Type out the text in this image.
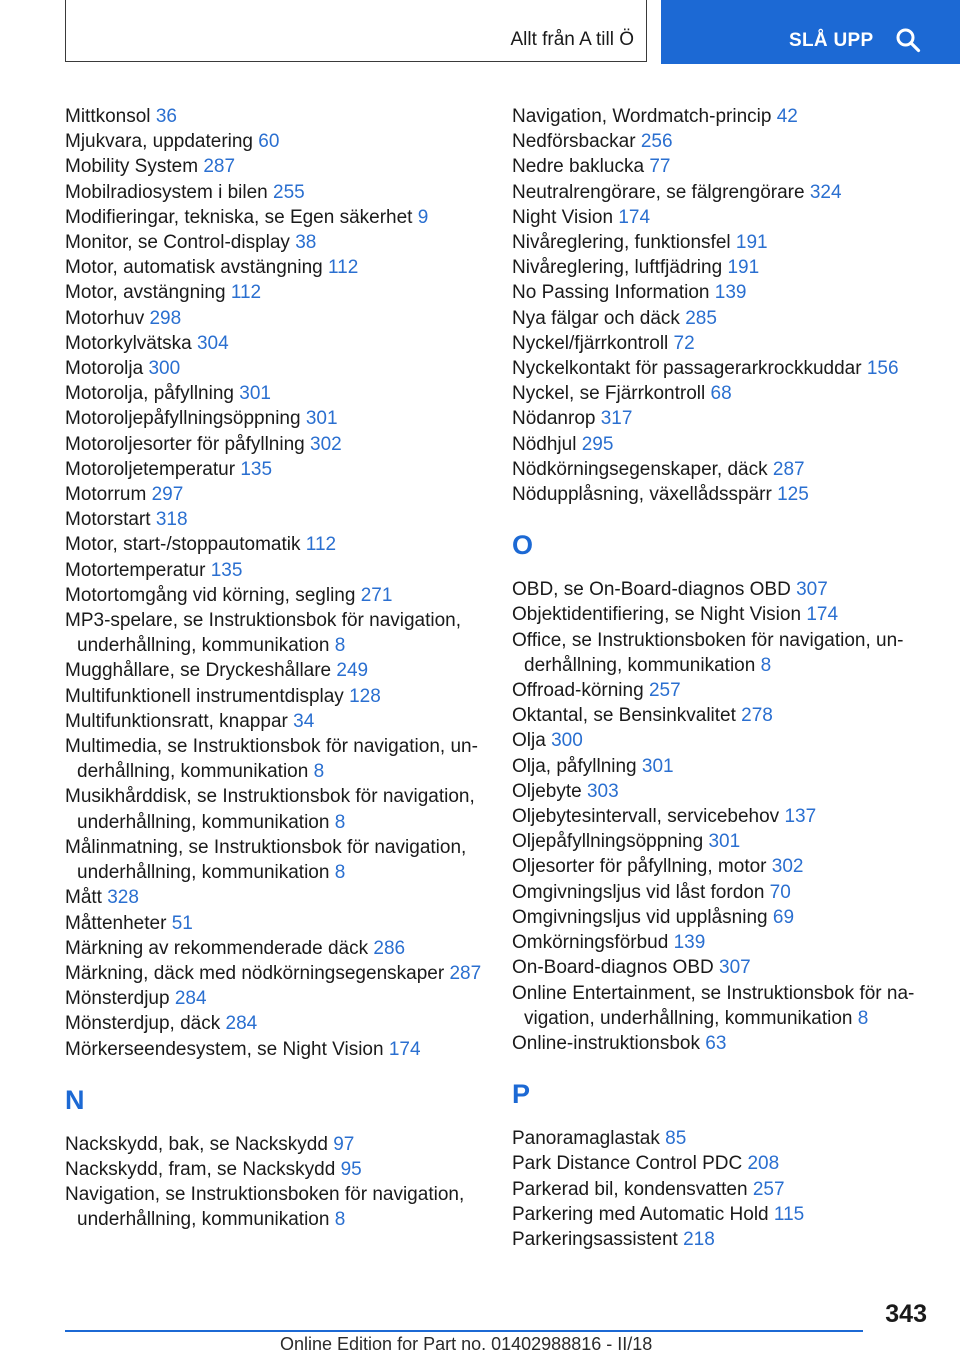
Allt från A till Ö	SLÅ UPP
Mittkonsol 36
Mjukvara, uppdatering 60
Mobility System 287
Mobilradiosystem i bilen 255
Modifieringar, tekniska, se Egen säkerhet 9
Monitor, se Control-display 38
Motor, automatisk avstängning 112
Motor, avstängning 112
Motorhuv 298
Motorkylvätska 304
Motorolja 300
Motorolja, påfyllning 301
Motoroljepåfyllningsöppning 301
Motoroljesorter för påfyllning 302
Motoroljetemperatur 135
Motorrum 297
Motorstart 318
Motor, start-/stoppautomatik 112
Motortemperatur 135
Motortomgång vid körning, segling 271
MP3-spelare, se Instruktionsbok för navigation, underhållning, kommunikation 8
Mugghållare, se Dryckeshållare 249
Multifunktionell instrumentdisplay 128
Multifunktionsratt, knappar 34
Multimedia, se Instruktionsbok för navigation, underhållning, kommunikation 8
Musikhårddisk, se Instruktionsbok för navigation, underhållning, kommunikation 8
Målinmatning, se Instruktionsbok för navigation, underhållning, kommunikation 8
Mått 328
Måttenheter 51
Märkning av rekommenderade däck 286
Märkning, däck med nödkörningsegenskaper 287
Mönsterdjup 284
Mönsterdjup, däck 284
Mörkerseendesystem, se Night Vision 174
N
Nackskydd, bak, se Nackskydd 97
Nackskydd, fram, se Nackskydd 95
Navigation, se Instruktionsboken för navigation, underhållning, kommunikation 8
Navigation, Wordmatch-princip 42
Nedförsbackar 256
Nedre baklucka 77
Neutralrengörare, se fälgrengörare 324
Night Vision 174
Nivåreglering, funktionsfel 191
Nivåreglering, luftfjädring 191
No Passing Information 139
Nya fälgar och däck 285
Nyckel/fjärrkontroll 72
Nyckelkontakt för passagerarkrockkuddar 156
Nyckel, se Fjärrkontroll 68
Nödanrop 317
Nödhjul 295
Nödkörningsegenskaper, däck 287
Nödupplåsning, växellådsspärr 125
O
OBD, se On-Board-diagnos OBD 307
Objektidentifiering, se Night Vision 174
Office, se Instruktionsboken för navigation, underhållning, kommunikation 8
Offroad-körning 257
Oktantal, se Bensinkvalitet 278
Olja 300
Olja, påfyllning 301
Oljebyte 303
Oljebytesintervall, servicebehov 137
Oljepåfyllningsöppning 301
Oljesorter för påfyllning, motor 302
Omgivningsljus vid låst fordon 70
Omgivningsljus vid upplåsning 69
Omkörningsförbud 139
On-Board-diagnos OBD 307
Online Entertainment, se Instruktionsbok för navigation, underhållning, kommunikation 8
Online-instruktionsbok 63
P
Panoramaglastak 85
Park Distance Control PDC 208
Parkerad bil, kondensvatten 257
Parkering med Automatic Hold 115
Parkeringsassistent 218
343
Online Edition for Part no. 01402988816 - II/18
